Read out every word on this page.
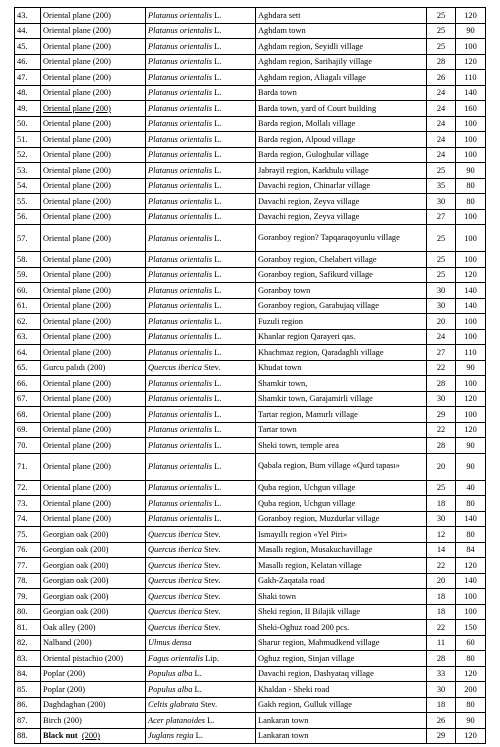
43.	Oriental plane (200)	Platanus orientalis L.	Aghdara sett	25	120
44.	Oriental plane (200)	Platanus orientalis L.	Aghdam town	25	90
45.	Oriental plane (200)	Platanus orientalis L.	Aghdam region, Seyidli village	25	100
46.	Oriental plane (200)	Platanus orientalis L.	Aghdam region, Sarihajily village	28	120
47.	Oriental plane (200)	Platanus orientalis L.	Aghdam region, Aliagalı village	26	110
48.	Oriental plane (200)	Platanus orientalis L.	Barda town	24	140
49.	Oriental plane (200)	Platanus orientalis L.	Barda town, yard of Court building	24	160
50.	Oriental plane (200)	Platanus orientalis L.	Barda region, Mollalı village	24	100
51.	Oriental plane (200)	Platanus orientalis L.	Barda region, Alpoud village	24	100
52.	Oriental plane (200)	Platanus orientalis L.	Barda region, Guloghular village	24	100
53.	Oriental plane (200)	Platanus orientalis L.	Jabrayil region, Karkhulu village	25	90
54.	Oriental plane (200)	Platanus orientalis L.	Davachi region, Chinarlar village	35	80
55.	Oriental plane (200)	Platanus orientalis L.	Davachi region, Zeyva village	30	80
56.	Oriental plane (200)	Platanus orientalis L.	Davachi region, Zeyva village	27	100
57.	Oriental plane (200)	Platanus orientalis L.	Goranboy region? Tapqaraqoyunlu village	25	100
58.	Oriental plane (200)	Platanus orientalis L.	Goranboy region, Chelabert village	25	100
59.	Oriental plane (200)	Platanus orientalis L.	Goranboy region, Safikurd village	25	120
60.	Oriental plane (200)	Platanus orientalis L.	Goranboy town	30	140
61.	Oriental plane (200)	Platanus orientalis L.	Goranboy region, Garabujaq village	30	140
62.	Oriental plane (200)	Platanus orientalis L.	Fuzuli region	20	100
63.	Oriental plane (200)	Platanus orientalis L.	Khanlar region Qarayeri qas.	24	100
64.	Oriental plane (200)	Platanus orientalis L.	Khachmaz region, Qaradaghlı village	27	110
65.	Gurcu palıdı (200)	Quercus iberica Stev.	Khudat town	22	90
66.	Oriental plane (200)	Platanus orientalis L.	Shamkir town,	28	100
67.	Oriental plane (200)	Platanus orientalis L.	Shamkir town, Garajamirli village	30	120
68.	Oriental plane (200)	Platanus orientalis L.	Tartar region, Mamırlı village	29	100
69.	Oriental plane (200)	Platanus orientalis L.	Tartar town	22	120
70.	Oriental plane (200)	Platanus orientalis L.	Sheki town, temple area	28	90
71.	Oriental plane (200)	Platanus orientalis L.	Qabala region, Bum village «Qurd tapası»	20	90
72.	Oriental plane (200)	Platanus orientalis L.	Quba region, Uchgun village	25	40
73.	Oriental plane (200)	Platanus orientalis L.	Quba region, Uchgun village	18	80
74.	Oriental plane (200)	Platanus orientalis L.	Goranboy region, Muzdurlar village	30	140
75.	Georgian oak (200)	Quercus iberica Stev.	Ismayıllı region «Yel Piri»	12	80
76.	Georgian oak (200)	Quercus iberica Stev.	Masallı region, Musakuchavillage	14	84
77.	Georgian oak (200)	Quercus iberica Stev.	Masallı region, Kelatan village	22	120
78.	Georgian oak (200)	Quercus iberica Stev.	Gakh-Zaqatala road	20	140
79.	Georgian oak (200)	Quercus iberica Stev.	Shaki town	18	100
80.	Georgian oak (200)	Quercus iberica Stev.	Sheki region, II Bilajik village	18	100
81.	Oak alley (200)	Quercus iberica Stev.	Sheki-Oghuz road 200 pcs.	22	150
82.	Nalband (200)	Ulmus densa	Sharur region, Mahmudkend village	11	60
83.	Oriental pistachio (200)	Fagus orientalis Lip.	Oghuz region, Sinjan village	28	80
84.	Poplar (200)	Populus alba L.	Davachi region, Dashyataq village	33	120
85.	Poplar (200)	Populus alba L.	Khaldan - Sheki road	30	200
86.	Daghdaghan (200)	Celtis glabrata Stev.	Gakh region, Gulluk village	18	80
87.	Birch (200)	Acer platanoides L.	Lankaran town	26	90
88.	Black nut (200)	Juglans regia L.	Lankaran town	29	120
